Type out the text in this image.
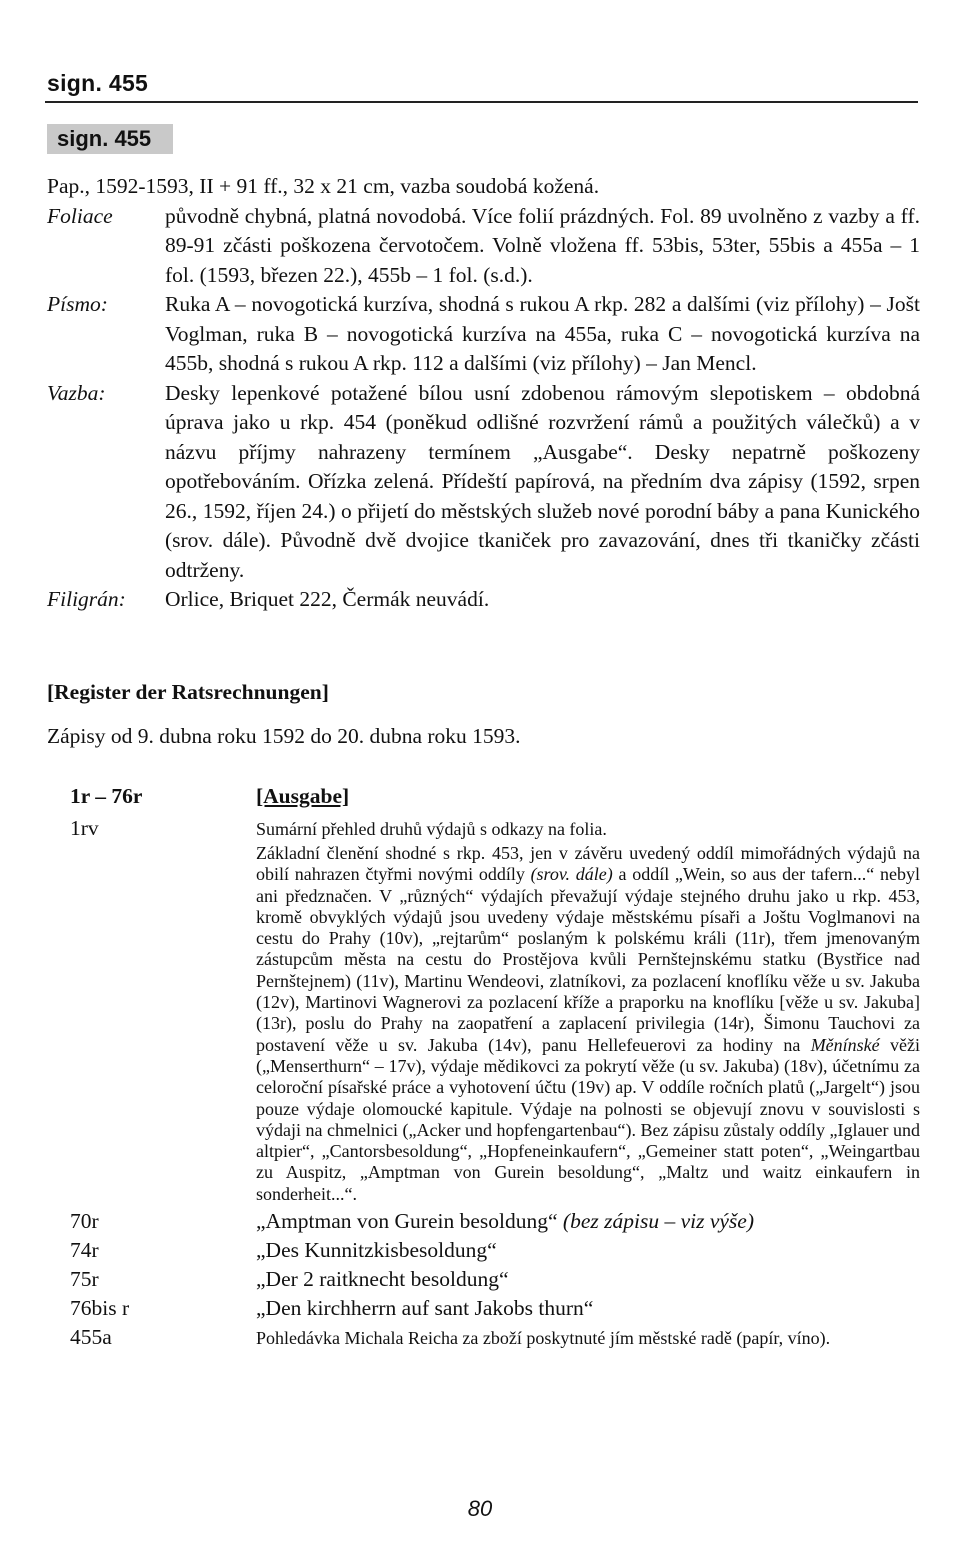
sign. 455
sign. 455
Pap., 1592-1593, II + 91 ff., 32 x 21 cm, vazba soudobá kožená.
Foliace	původně chybná, platná novodobá. Více folií prázdných. Fol. 89 uvolněno z vazby a ff. 89-91 zčásti poškozena červotočem. Volně vložena ff. 53bis, 53ter, 55bis a 455a – 1 fol. (1593, březen 22.), 455b – 1 fol. (s.d.).
Písmo:	Ruka A – novogotická kurzíva, shodná s rukou A rkp. 282 a dalšími (viz přílohy) – Jošt Voglman, ruka B – novogotická kurzíva na 455a, ruka C – novogotická kurzíva na 455b, shodná s rukou A rkp. 112 a dalšími (viz přílohy) – Jan Mencl.
Vazba:	Desky lepenkové potažené bílou usní zdobenou rámovým slepotiskem – obdobná úprava jako u rkp. 454 (poněkud odlišné rozvržení rámů a použitých válečků) a v názvu příjmy nahrazeny termínem „Ausgabe“. Desky nepatrně poškozeny opotřebováním. Ořízka zelená. Přídeští papírová, na předním dva zápisy (1592, srpen 26., 1592, říjen 24.) o přijetí do městských služeb nové porodní báby a pana Kunického (srov. dále). Původně dvě dvojice tkaniček pro zavazování, dnes tři tkaničky zčásti odtrženy.
Filigrán:	Orlice, Briquet 222, Čermák neuvádí.
[Register der Ratsrechnungen]
Zápisy od 9. dubna roku 1592 do 20. dubna roku 1593.
1r – 76r	[Ausgabe]
1rv	Sumární přehled druhů výdajů s odkazy na folia.
Základní členění shodné s rkp. 453, jen v závěru uvedený oddíl mimořádných výdajů na obilí nahrazen čtyřmi novými oddíly (srov. dále) a oddíl „Wein, so aus der tafern...“ nebyl ani předznačen. V „různých“ výdajích převažují výdaje stejného druhu jako u rkp. 453, kromě obvyklých výdajů jsou uvedeny výdaje městskému písaři a Joštu Voglmanovi na cestu do Prahy (10v), „rejtarům“ poslaným k polskému králi (11r), třem jmenovaným zástupcům města na cestu do Prostějova kvůli Pernštejnskému statku (Bystřice nad Pernštejnem) (11v), Martinu Wendeovi, zlatníkovi, za pozlacení knoflíku věže u sv. Jakuba (12v), Martinovi Wagnerovi za pozlacení kříže a praporku na knoflíku [věže u sv. Jakuba] (13r), poslu do Prahy na zaopatření a zaplacení privilegia (14r), Šimonu Tauchovi za postavení věže u sv. Jakuba (14v), panu Hellefeuerovi za hodiny na Měnínské věži („Menserthurn“ – 17v), výdaje mědikovci za pokrytí věže (u sv. Jakuba) (18v), účetnímu za celoroční písařské práce a vyhotovení účtu (19v) ap. V oddíle ročních platů („Jargelt“) jsou pouze výdaje olomoucké kapitule. Výdaje na polnosti se objevují znovu v souvislosti s výdaji na chmelnici („Acker und hopfengartenbau“). Bez zápisu zůstaly oddíly „Iglauer und altpier“, „Cantorsbesoldung“, „Hopfeneinkaufern“, „Gemeiner statt poten“, „Weingartbau zu Auspitz, „Amptman von Gurein besoldung“, „Maltz und waitz einkaufern in sonderheit...“.
70r	„Amptman von Gurein besoldung“ (bez zápisu – viz výše)
74r	„Des Kunnitzkisbesoldung“
75r	„Der 2 raitknecht besoldung“
76bis r	„Den kirchherrn auf sant Jakobs thurn“
455a	Pohledávka Michala Reicha za zboží poskytnuté jím městské radě (papír, víno).
80
